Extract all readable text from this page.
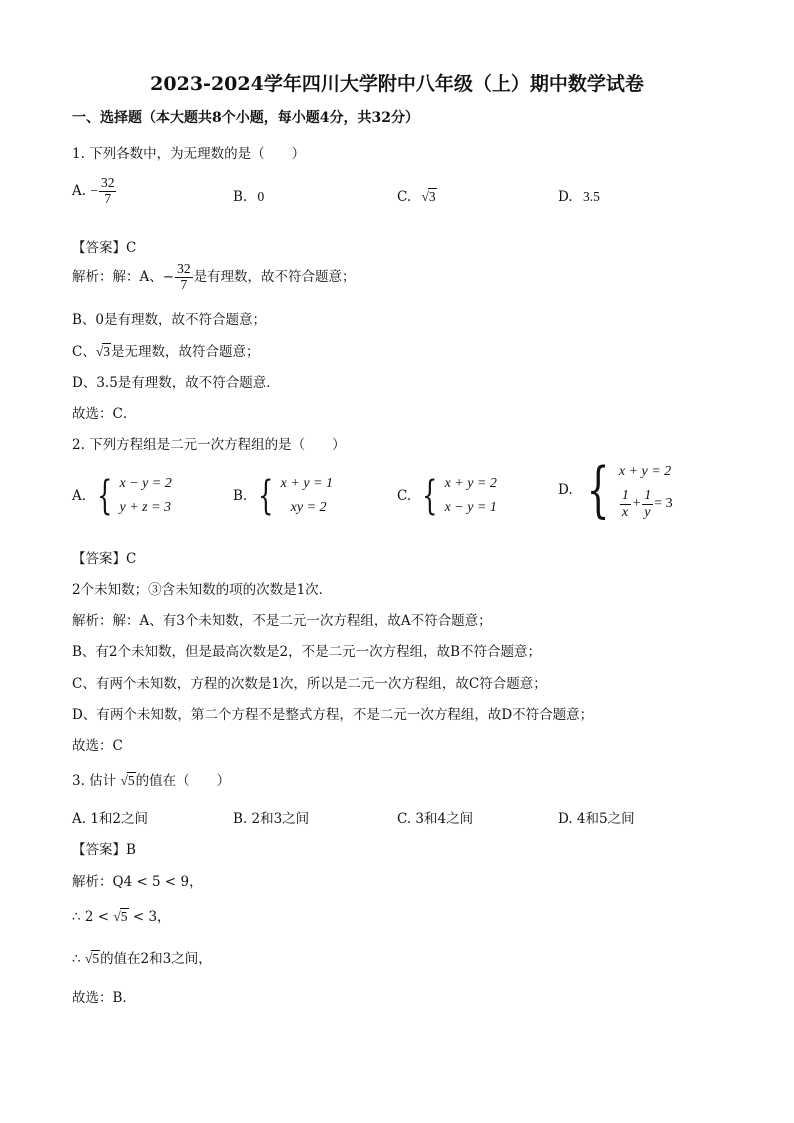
2023-2024学年四川大学附中八年级（上）期中数学试卷
一、选择题（本大题共8个小题，每小题4分，共32分）
1. 下列各数中，为无理数的是（　　）
A. − $\frac{32}{7}$	B. 0	C. √3	D. 3.5
【答案】C
解析：解：A、− $\frac{32}{7}$ 是有理数，故不符合题意；
B、0是有理数，故不符合题意；
C、√3是无理数，故符合题意；
D、3.5是有理数，故不符合题意．
故选：C．
2. 下列方程组是二元一次方程组的是（　　）
A. { x − y = 2
y + z = 3
B. { x + y = 1
xy = 2
C. { x + y = 2
x − y = 1
D. { x + y = 2
$\frac{1}{x} + \frac{1}{y} = 3$
【答案】C
2个未知数；③含未知数的项的次数是1次．
解析：解：A、有3个未知数，不是二元一次方程组，故A不符合题意；
B、有2个未知数，但是最高次数是2，不是二元一次方程组，故B不符合题意；
C、有两个未知数，方程的次数是1次，所以是二元一次方程组，故C符合题意；
D、有两个未知数，第二个方程不是整式方程，不是二元一次方程组，故D不符合题意；
故选：C
3. 估计 √5的值在（　　）
A. 1和2之间	B. 2和3之间	C. 3和4之间	D. 4和5之间
【答案】B
解析：Q4 < 5 < 9，
∴ 2 < √5 < 3，
∴ √5的值在2和3之间，
故选：B．
